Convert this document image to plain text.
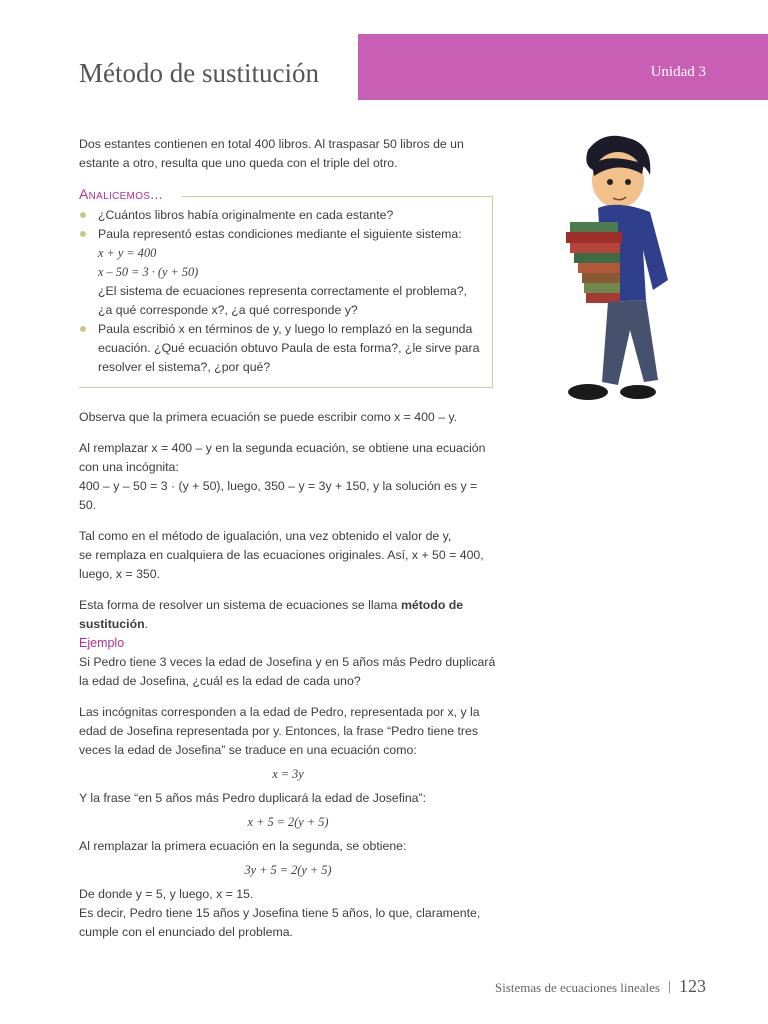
Método de sustitución	Unidad 3

Dos estantes contienen en total 400 libros. Al traspasar 50 libros de un

estante a otro, resulta que uno queda con el triple del otro.

Analicemos...

¿Cuántos libros había originalmente en cada estante?

Paula representó estas condiciones mediante el siguiente sistema:

x + y = 400

x – 50 = 3 · (y + 50)

¿El sistema de ecuaciones representa correctamente el problema?,

¿a qué corresponde x?, ¿a qué corresponde y?

Paula escribió x en términos de y, y luego lo remplazó en la segunda

ecuación. ¿Qué ecuación obtuvo Paula de esta forma?, ¿le sirve para

resolver el sistema?, ¿por qué?

Observa que la primera ecuación se puede escribir como x = 400 – y.

Al remplazar x = 400 – y en la segunda ecuación, se obtiene una ecuación

con una incógnita:

400 – y – 50 = 3 · (y + 50), luego, 350 – y = 3y + 150, y la solución es y = 50.

Tal como en el método de igualación, una vez obtenido el valor de y,

se remplaza en cualquiera de las ecuaciones originales. Así, x + 50 = 400,

luego, x = 350.

Esta forma de resolver un sistema de ecuaciones se llama método de

sustitución.

Ejemplo

Si Pedro tiene 3 veces la edad de Josefina y en 5 años más Pedro duplicará

la edad de Josefina, ¿cuál es la edad de cada uno?

Las incógnitas corresponden a la edad de Pedro, representada por x, y la

edad de Josefina representada por y. Entonces, la frase “Pedro tiene tres

veces la edad de Josefina” se traduce en una ecuación como:

x = 3y

Y la frase “en 5 años más Pedro duplicará la edad de Josefina”:

x + 5 = 2(y + 5)

Al remplazar la primera ecuación en la segunda, se obtiene:

3y + 5 = 2(y + 5)

De donde y = 5, y luego, x = 15.

Es decir, Pedro tiene 15 años y Josefina tiene 5 años, lo que, claramente,

cumple con el enunciado del problema.

Sistemas de ecuaciones lineales 123
